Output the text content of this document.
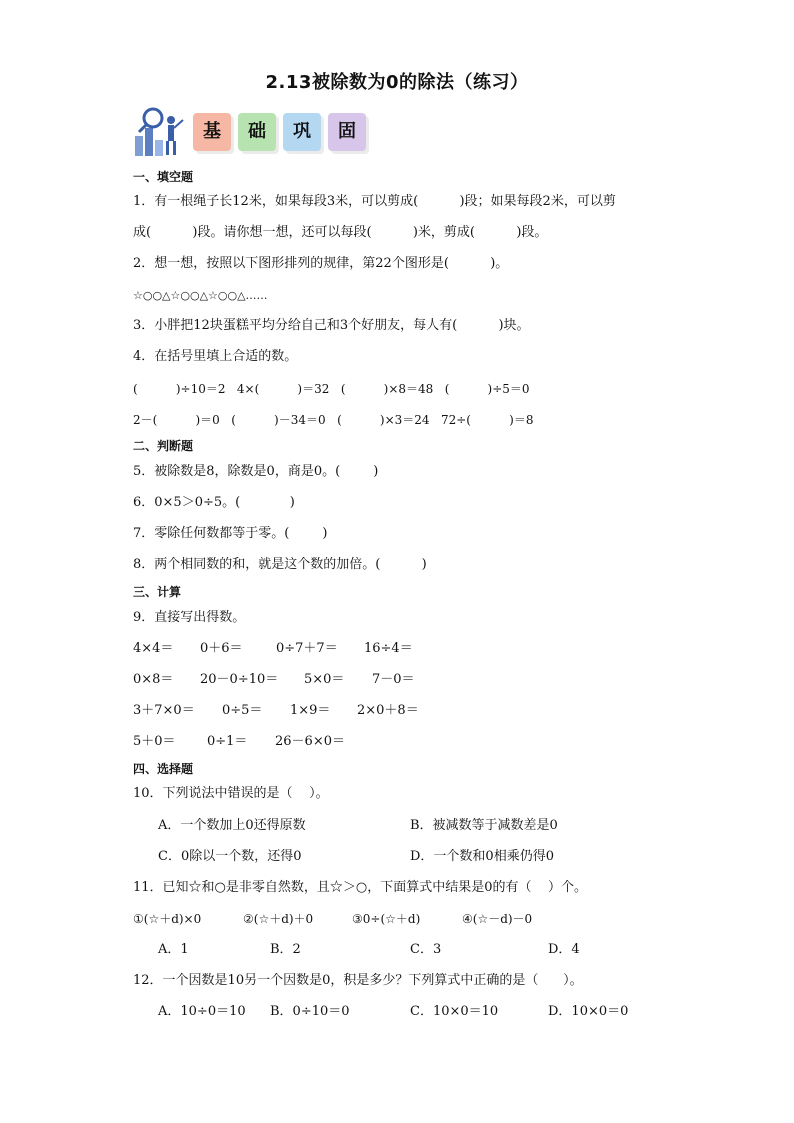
2.13被除数为0的除法（练习）
基	础	巩	固
一、填空题
1．有一根绳子长12米，如果每段3米，可以剪成(          )段；如果每段2米，可以剪
成(          )段。请你想一想，还可以每段(          )米，剪成(          )段。
2．想一想，按照以下图形排列的规律，第22个图形是(          )。
☆○○△☆○○△☆○○△……
3．小胖把12块蛋糕平均分给自己和3个好朋友，每人有(          )块。
4．在括号里填上合适的数。
(          )÷10＝2   4×(          )＝32   (          )×8＝48   (          )÷5＝0
2－(          )＝0   (          )－34＝0   (          )×3＝24   72÷(          )＝8
二、判断题
5．被除数是8，除数是0，商是0。(        )
6．0×5＞0÷5。(            )
7．零除任何数都等于零。(        )
8．两个相同数的和，就是这个数的加倍。(          )
三、计算
9．直接写出得数。
4×4＝ 0＋6＝	0÷7＋7＝ 16÷4＝
0×8＝ 20－0÷10＝ 5×0＝ 7－0＝
3＋7×0＝ 0÷5＝ 1×9＝ 2×0＋8＝
5＋0＝ 0÷1＝ 26－6×0＝
四、选择题
10．下列说法中错误的是（    ）。
A．一个数加上0还得原数	B．被减数等于减数差是0
C．0除以一个数，还得0	D．一个数和0相乘仍得0
11．已知☆和○是非零自然数，且☆＞○，下面算式中结果是0的有（    ）个。
①(☆＋d)×0	②(☆＋d)＋0	③0÷(☆＋d)	④(☆－d)－0
A．1	B．2	C．3	D．4
12．一个因数是10另一个因数是0，积是多少？下列算式中正确的是（      ）。
A．10÷0＝10 B．0÷10＝0	C．10×0＝10	D．10×0＝0
